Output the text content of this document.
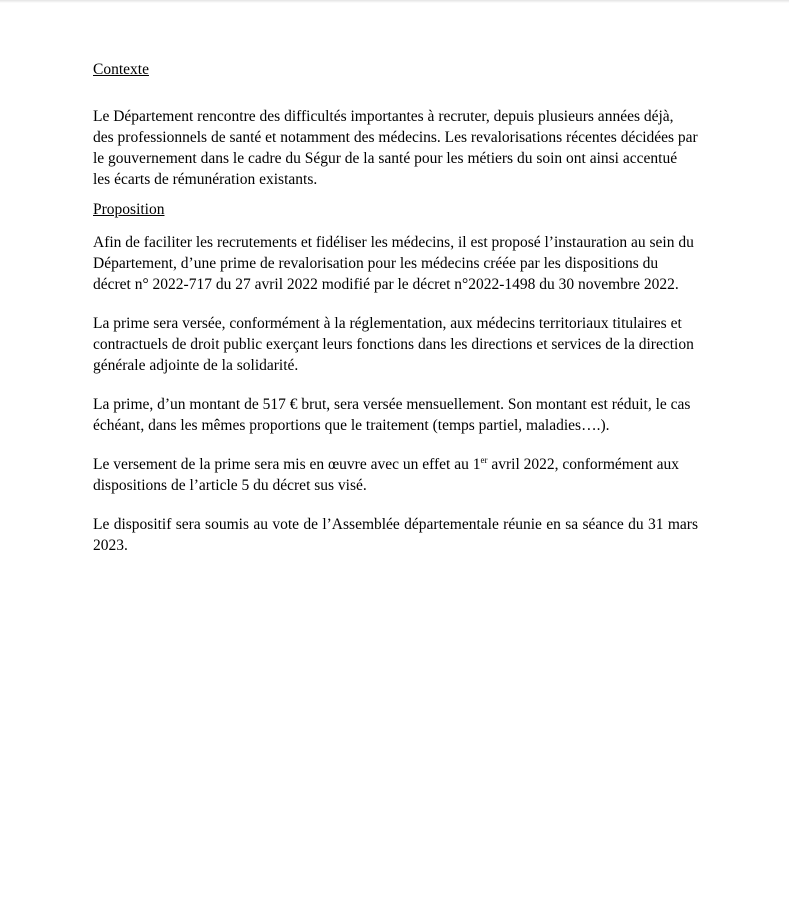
Contexte

Le Département rencontre des difficultés importantes à recruter, depuis plusieurs années déjà, des professionnels de santé et notamment des médecins. Les revalorisations récentes décidées par le gouvernement dans le cadre du Ségur de la santé pour les métiers du soin ont ainsi accentué les écarts de rémunération existants.

Proposition

Afin de faciliter les recrutements et fidéliser les médecins, il est proposé l’instauration au sein du Département, d’une prime de revalorisation pour les médecins créée par les dispositions du décret n° 2022-717 du 27 avril 2022 modifié par le décret n°2022-1498 du 30 novembre 2022.

La prime sera versée, conformément à la réglementation, aux médecins territoriaux titulaires et contractuels de droit public exerçant leurs fonctions dans les directions et services de la direction générale adjointe de la solidarité.

La prime, d’un montant de 517 € brut, sera versée mensuellement. Son montant est réduit, le cas échéant, dans les mêmes proportions que le traitement (temps partiel, maladies….).

Le versement de la prime sera mis en œuvre avec un effet au 1er avril 2022, conformément aux dispositions de l’article 5 du décret sus visé.

Le dispositif sera soumis au vote de l’Assemblée départementale réunie en sa séance du 31 mars 2023.
